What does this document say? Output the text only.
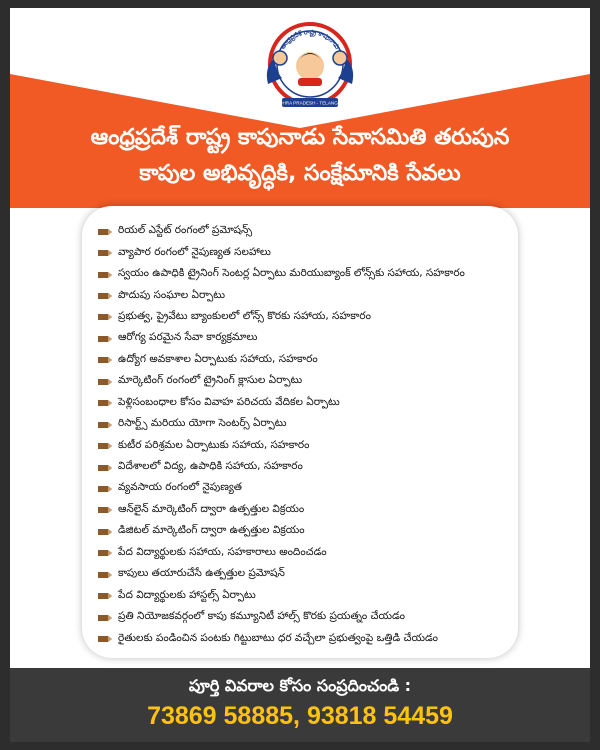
ఆంధ్రప్రదేశ్ రాష్ట్ర కాపునాడు
ANDHRA PRADESH - TELANGANA
ఆంధ్రప్రదేశ్ రాష్ట్ర కాపునాడు సేవాసమితి తరుపున
కాపుల అభివృద్ధికి, సంక్షేమానికి సేవలు
రియల్ ఎస్టేట్ రంగంలో ప్రమోషన్స్
వ్యాపార రంగంలో నైపుణ్యత సలహాలు
స్వయం ఉపాధికి ట్రైనింగ్ సెంటర్ల ఏర్పాటు మరియుబ్యాంక్ లోన్స్‌కు సహాయ, సహకారం
పొదుపు సంఘాల ఏర్పాటు
ప్రభుత్వ, ప్రైవేటు బ్యాంకులలో లోన్స్ కొరకు సహాయ, సహకారం
ఆరోగ్య పరమైన సేవా కార్యక్రమాలు
ఉద్యోగ అవకాశాల ఏర్పాటుకు సహాయ, సహకారం
మార్కెటింగ్ రంగంలో ట్రైనింగ్ క్లాసుల ఏర్పాటు
పెళ్లిసంబంధాల కోసం వివాహ పరిచయ వేదికల ఏర్పాటు
రిసార్ట్స్ మరియు యోగా సెంటర్స్ ఏర్పాటు
కుటీర పరిశ్రమల ఏర్పాటుకు సహాయ, సహకారం
విదేశాలలో విద్య, ఉపాధికి సహాయ, సహకారం
వ్యవసాయ రంగంలో నైపుణ్యత
ఆన్‌లైన్ మార్కెటింగ్ ద్వారా ఉత్పత్తుల విక్రయం
డిజిటల్ మార్కెటింగ్ ద్వారా ఉత్పత్తుల విక్రయం
పేద విద్యార్థులకు సహాయ, సహకారాలు అందించడం
కాపులు తయారుచేసే ఉత్పత్తుల ప్రమోషన్
పేద విద్యార్థులకు హాస్టల్స్ ఏర్పాటు
ప్రతి నియోజకవర్గంలో కాపు కమ్యూనిటీ హాల్స్ కొరకు ప్రయత్నం చేయడం
రైతులకు పండించిన పంటకు గిట్టుబాటు ధర వచ్చేలా ప్రభుత్వంపై ఒత్తిడి చేయడం
పూర్తి వివరాల కోసం సంప్రదించండి :
73869 58885, 93818 54459
